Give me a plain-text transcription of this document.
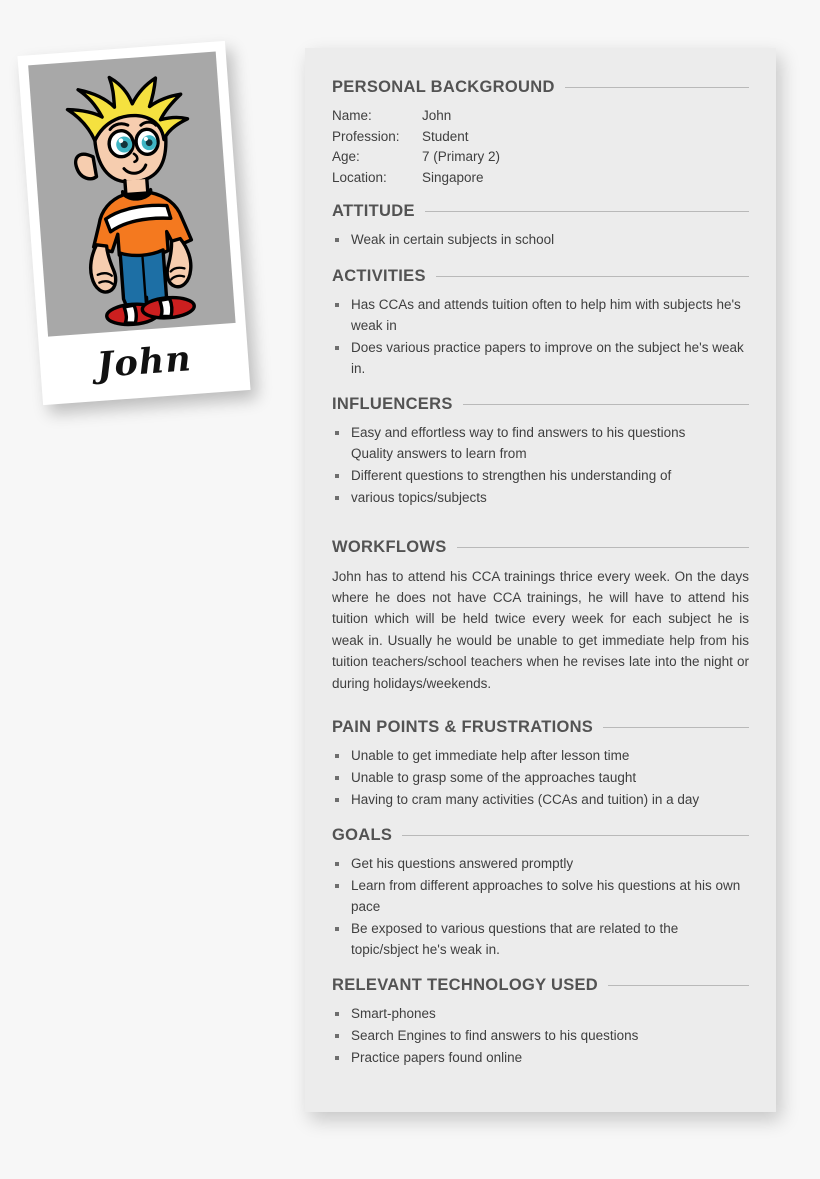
John
PERSONAL BACKGROUND
Name:	John
Profession:	Student
Age:	7 (Primary 2)
Location:	Singapore
ATTITUDE
Weak in certain subjects in school
ACTIVITIES
Has CCAs and attends tuition often to help him with subjects he's weak in
Does various practice papers to improve on the subject he's weak in.
INFLUENCERS
Easy and effortless way to find answers to his questions
Quality answers to learn from
Different questions to strengthen his understanding of
various topics/subjects
WORKFLOWS

John has to attend his CCA trainings thrice every week. On the days where he does not have CCA trainings, he will have to attend his tuition which will be held twice every week for each subject he is weak in. Usually he would be unable to get immediate help from his tuition teachers/school teachers when he revises late into the night or during holidays/weekends.

PAIN POINTS & FRUSTRATIONS
Unable to get immediate help after lesson time
Unable to grasp some of the approaches taught
Having to cram many activities (CCAs and tuition) in a day
GOALS
Get his questions answered promptly
Learn from different approaches to solve his questions at his own pace
Be exposed to various questions that are related to the topic/sbject he's weak in.
RELEVANT TECHNOLOGY USED
Smart-phones
Search Engines to find answers to his questions
Practice papers found online
